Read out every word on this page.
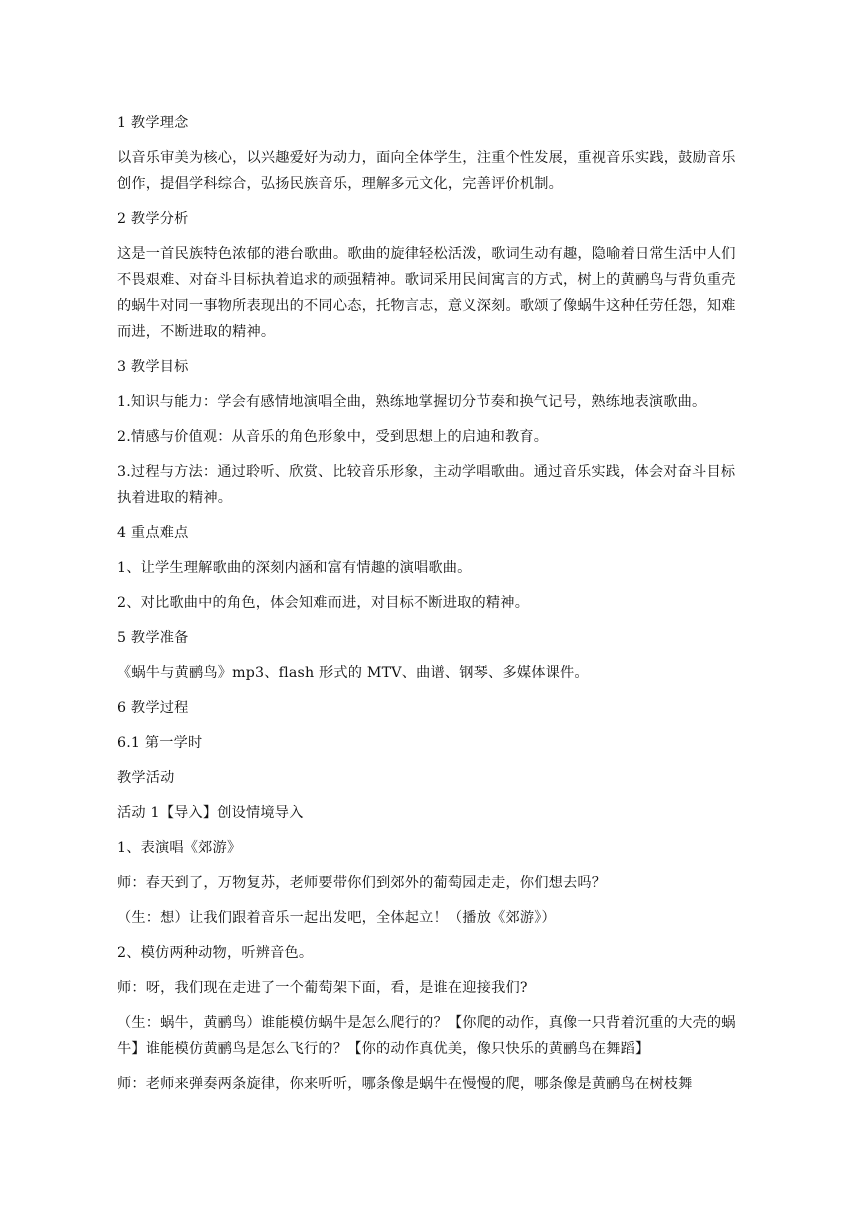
1 教学理念

以音乐审美为核心，以兴趣爱好为动力，面向全体学生，注重个性发展，重视音乐实践，鼓励音乐创作，提倡学科综合，弘扬民族音乐，理解多元文化，完善评价机制。

2 教学分析

这是一首民族特色浓郁的港台歌曲。歌曲的旋律轻松活泼，歌词生动有趣，隐喻着日常生活中人们不畏艰难、对奋斗目标执着追求的顽强精神。歌词采用民间寓言的方式，树上的黄鹂鸟与背负重壳的蜗牛对同一事物所表现出的不同心态，托物言志，意义深刻。歌颂了像蜗牛这种任劳任怨，知难而进，不断进取的精神。

3 教学目标

1.知识与能力：学会有感情地演唱全曲，熟练地掌握切分节奏和换气记号，熟练地表演歌曲。

2.情感与价值观：从音乐的角色形象中，受到思想上的启迪和教育。

3.过程与方法：通过聆听、欣赏、比较音乐形象，主动学唱歌曲。通过音乐实践，体会对奋斗目标执着进取的精神。

4 重点难点

1、让学生理解歌曲的深刻内涵和富有情趣的演唱歌曲。

2、对比歌曲中的角色，体会知难而进，对目标不断进取的精神。

5 教学准备

《蜗牛与黄鹂鸟》mp3、flash 形式的 MTV、曲谱、钢琴、多媒体课件。

6 教学过程

6.1 第一学时

教学活动

活动 1【导入】创设情境导入

1、表演唱《郊游》

师：春天到了，万物复苏，老师要带你们到郊外的葡萄园走走，你们想去吗？

（生：想）让我们跟着音乐一起出发吧，全体起立！（播放《郊游》）

2、模仿两种动物，听辨音色。

师：呀，我们现在走进了一个葡萄架下面，看，是谁在迎接我们?

（生：蜗牛，黄鹂鸟）谁能模仿蜗牛是怎么爬行的？【你爬的动作，真像一只背着沉重的大壳的蜗牛】谁能模仿黄鹂鸟是怎么飞行的？【你的动作真优美，像只快乐的黄鹂鸟在舞蹈】

师：老师来弹奏两条旋律，你来听听，哪条像是蜗牛在慢慢的爬，哪条像是黄鹂鸟在树枝舞
